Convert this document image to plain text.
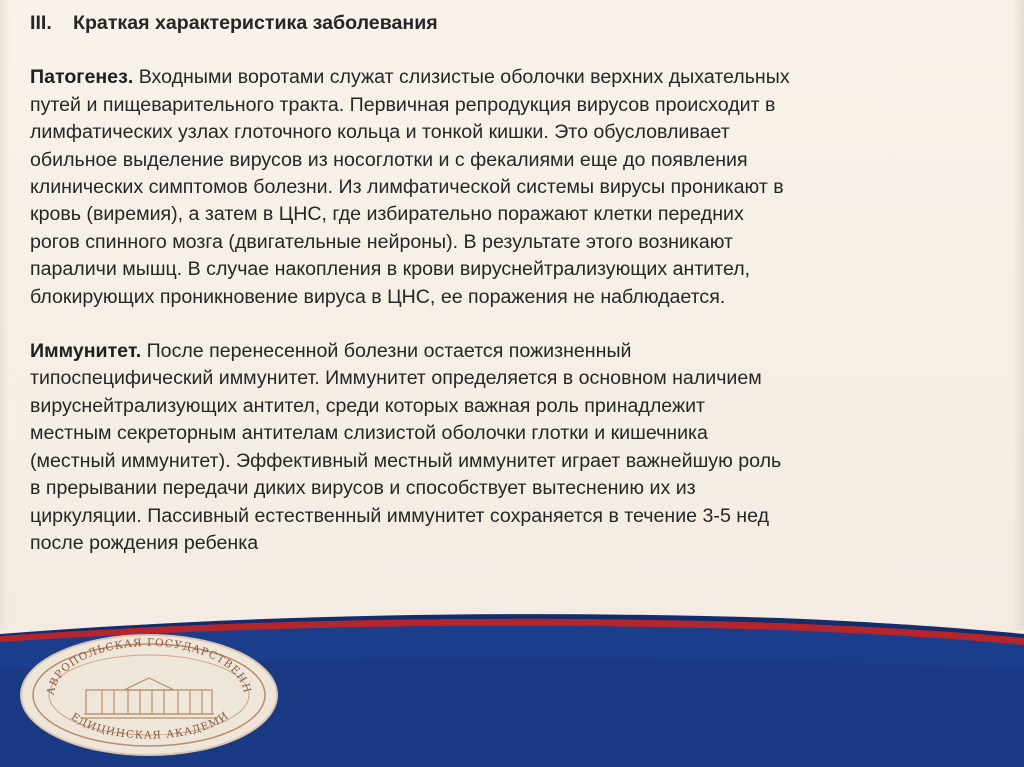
III. Краткая характеристика заболевания
Патогенез. Входными воротами служат слизистые оболочки верхних дыхательных
путей и пищеварительного тракта. Первичная репродукция вирусов происходит в
лимфатических узлах глоточного кольца и тонкой кишки. Это обусловливает
обильное выделение вирусов из носоглотки и с фекалиями еще до появления
клинических симптомов болезни. Из лимфатической системы вирусы проникают в
кровь (виремия), а затем в ЦНС, где избирательно поражают клетки передних
рогов спинного мозга (двигательные нейроны). В результате этого возникают
параличи мышц. В случае накопления в крови вируснейтрализующих антител,
блокирующих проникновение вируса в ЦНС, ее поражения не наблюдается.
Иммунитет. После перенесенной болезни остается пожизненный
типоспецифический иммунитет. Иммунитет определяется в основном наличием
вируснейтрализующих антител, среди которых важная роль принадлежит
местным секреторным антителам слизистой оболочки глотки и кишечника
(местный иммунитет). Эффективный местный иммунитет играет важнейшую роль
в прерывании передачи диких вирусов и способствует вытеснению их из
циркуляции. Пассивный естественный иммунитет сохраняется в течение 3-5 нед
после рождения ребенка
АВРОПОЛЬСКАЯ ГОСУДАРСТВЕНН
ЕДИЦИНСКАЯ АКАДЕМИ
